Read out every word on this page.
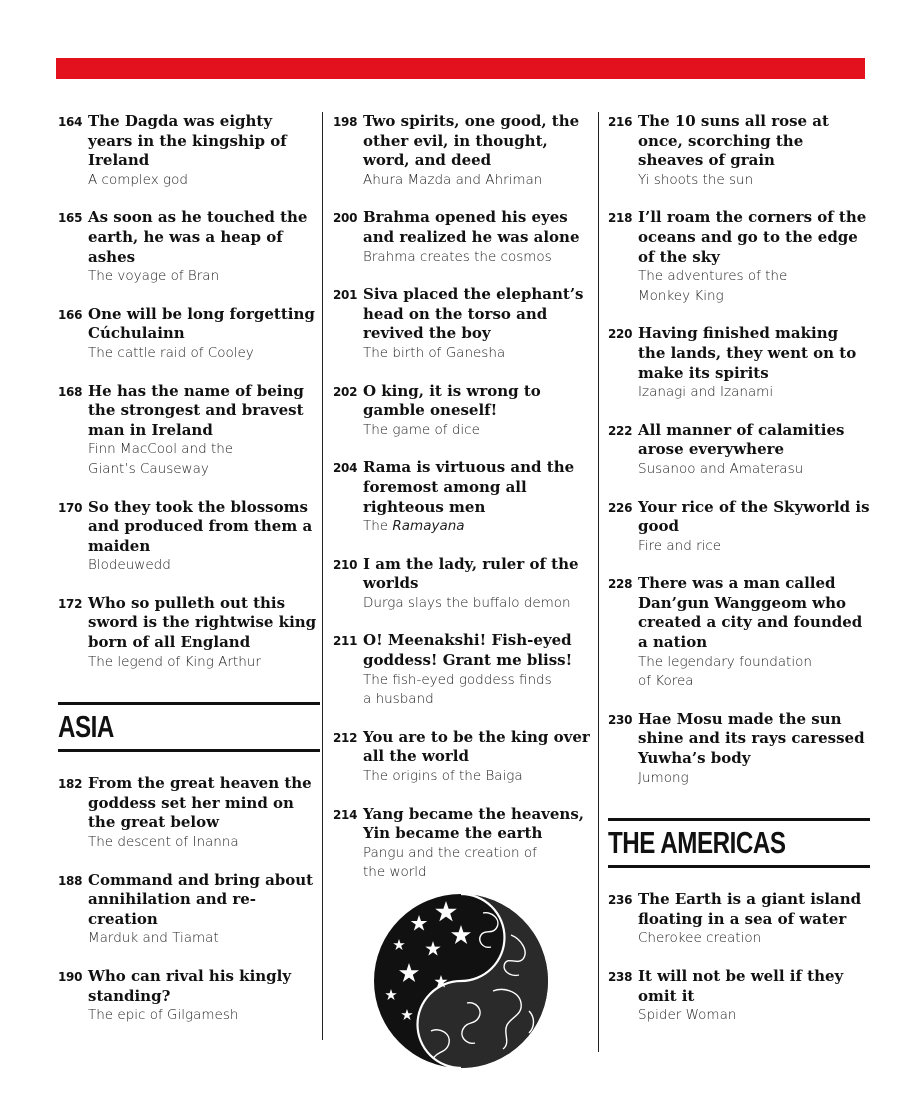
164 The Dagda was eighty years in the kingship of Ireland
A complex god
165 As soon as he touched the earth, he was a heap of ashes
The voyage of Bran
166 One will be long forgetting Cúchulainn
The cattle raid of Cooley
168 He has the name of being the strongest and bravest man in Ireland
Finn MacCool and the
Giant’s Causeway
170 So they took the blossoms and produced from them a maiden
Blodeuwedd
172 Who so pulleth out this sword is the rightwise king born of all England
The legend of King Arthur
ASIA
182 From the great heaven the goddess set her mind on the great below
The descent of Inanna
188 Command and bring about annihilation and re-creation
Marduk and Tiamat
190 Who can rival his kingly standing?
The epic of Gilgamesh
198 Two spirits, one good, the other evil, in thought, word, and deed
Ahura Mazda and Ahriman
200 Brahma opened his eyes and realized he was alone
Brahma creates the cosmos
201 Siva placed the elephant’s head on the torso and revived the boy
The birth of Ganesha
202 O king, it is wrong to gamble oneself!
The game of dice
204 Rama is virtuous and the foremost among all righteous men
The Ramayana
210 I am the lady, ruler of the worlds
Durga slays the buffalo demon
211 O! Meenakshi! Fish-eyed goddess! Grant me bliss!
The fish-eyed goddess finds
a husband
212 You are to be the king over all the world
The origins of the Baiga
214 Yang became the heavens, Yin became the earth
Pangu and the creation of
the world
216 The 10 suns all rose at once, scorching the sheaves of grain
Yi shoots the sun
218 I’ll roam the corners of the oceans and go to the edge of the sky
The adventures of the
Monkey King
220 Having finished making the lands, they went on to make its spirits
Izanagi and Izanami
222 All manner of calamities arose everywhere
Susanoo and Amaterasu
226 Your rice of the Skyworld is good
Fire and rice
228 There was a man called Dan’gun Wanggeom who created a city and founded a nation
The legendary foundation
of Korea
230 Hae Mosu made the sun shine and its rays caressed Yuwha’s body
Jumong
THE AMERICAS
236 The Earth is a giant island floating in a sea of water
Cherokee creation
238 It will not be well if they omit it
Spider Woman
